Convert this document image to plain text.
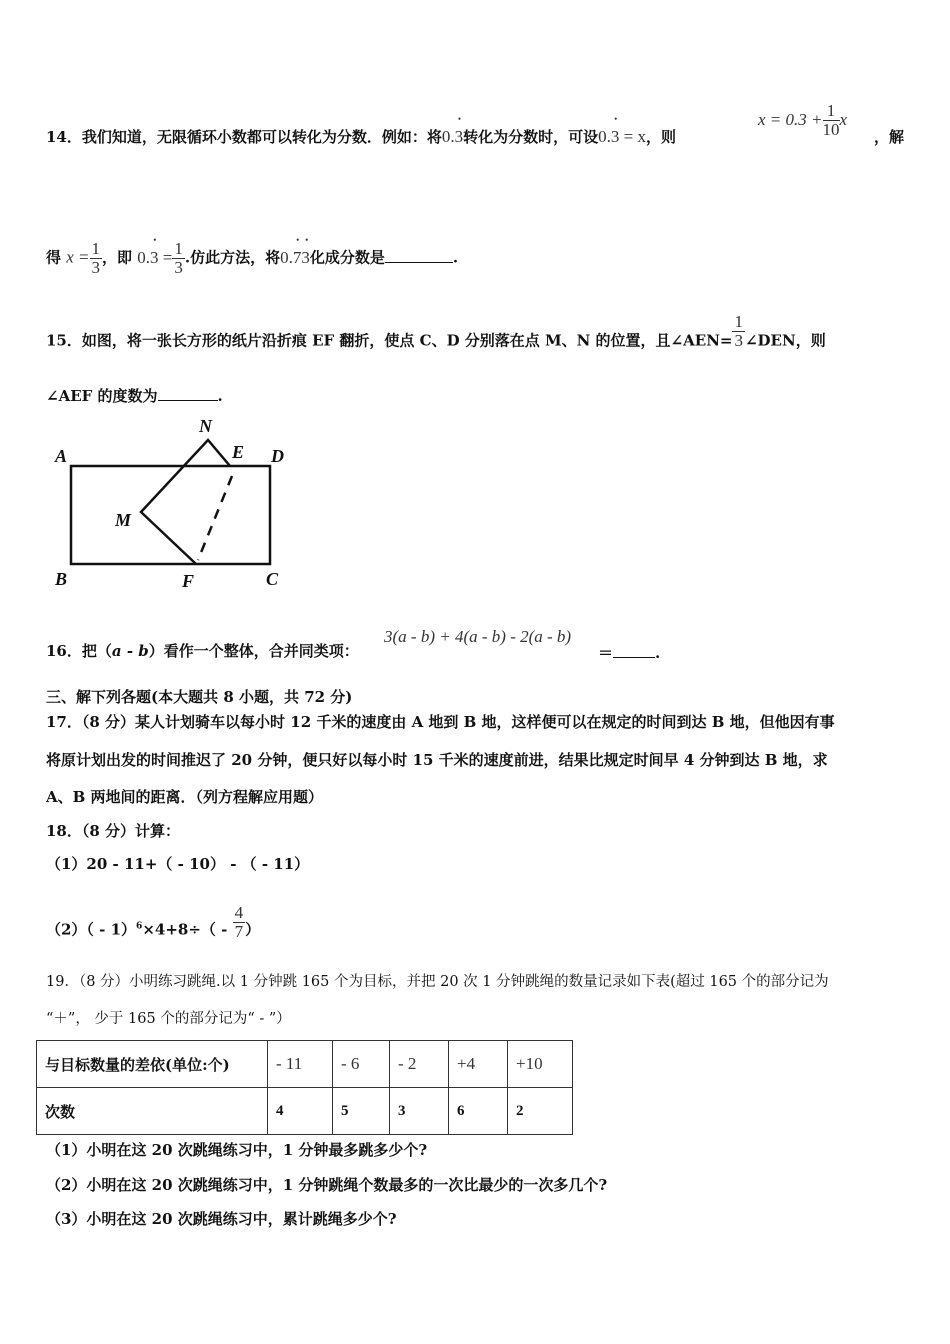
14．我们知道，无限循环小数都可以转化为分数．例如：将0.3
•
转化为分数时，可设0.3 = x
•
，则
$x = 0.3 + \frac{1}{10}$ x
，解
得 $x = \frac{1}{3}$ ，即 0.3 =
•
$\frac{1}{3}$ .仿此方法，将0.73
• •
化成分数是	.
15．如图，将一张长方形的纸片沿折痕 EF 翻折，使点 C、D 分别落在点 M、N 的位置，且∠AEN= $\frac{1}{3}$ ∠DEN，则
∠AEF 的度数为	.
A	D
B	C
F
M
N
E
16．把（a - b）看作一个整体，合并同类项：
3(a - b) + 4(a - b) - 2(a - b)
＝	.
三、解下列各题(本大题共 8 小题，共 72 分)
17．（8 分）某人计划骑车以每小时 12 千米的速度由 A 地到 B 地，这样便可以在规定的时间到达 B 地，但他因有事
将原计划出发的时间推迟了 20 分钟，便只好以每小时 15 千米的速度前进，结果比规定时间早 4 分钟到达 B 地，求
A、B 两地间的距离．（列方程解应用题）
18．（8 分）计算：
（1）20 - 11+（ - 10） - （ - 11）
$(2)( - 1)^6\times 4+8\div( - \frac{4}{7}$ ）
19．（8 分）小明练习跳绳.以 1 分钟跳 165 个为目标，并把 20 次 1 分钟跳绳的数量记录如下表(超过 165 个的部分记为
“＋”， 少于 165 个的部分记为“ - ”）
与目标数量的差依(单位:个)	- 11	- 6	- 2	+4	+10
次数	4	5	3	6	2
（1）小明在这 20 次跳绳练习中，1 分钟最多跳多少个?
（2）小明在这 20 次跳绳练习中，1 分钟跳绳个数最多的一次比最少的一次多几个?
（3）小明在这 20 次跳绳练习中，累计跳绳多少个?
